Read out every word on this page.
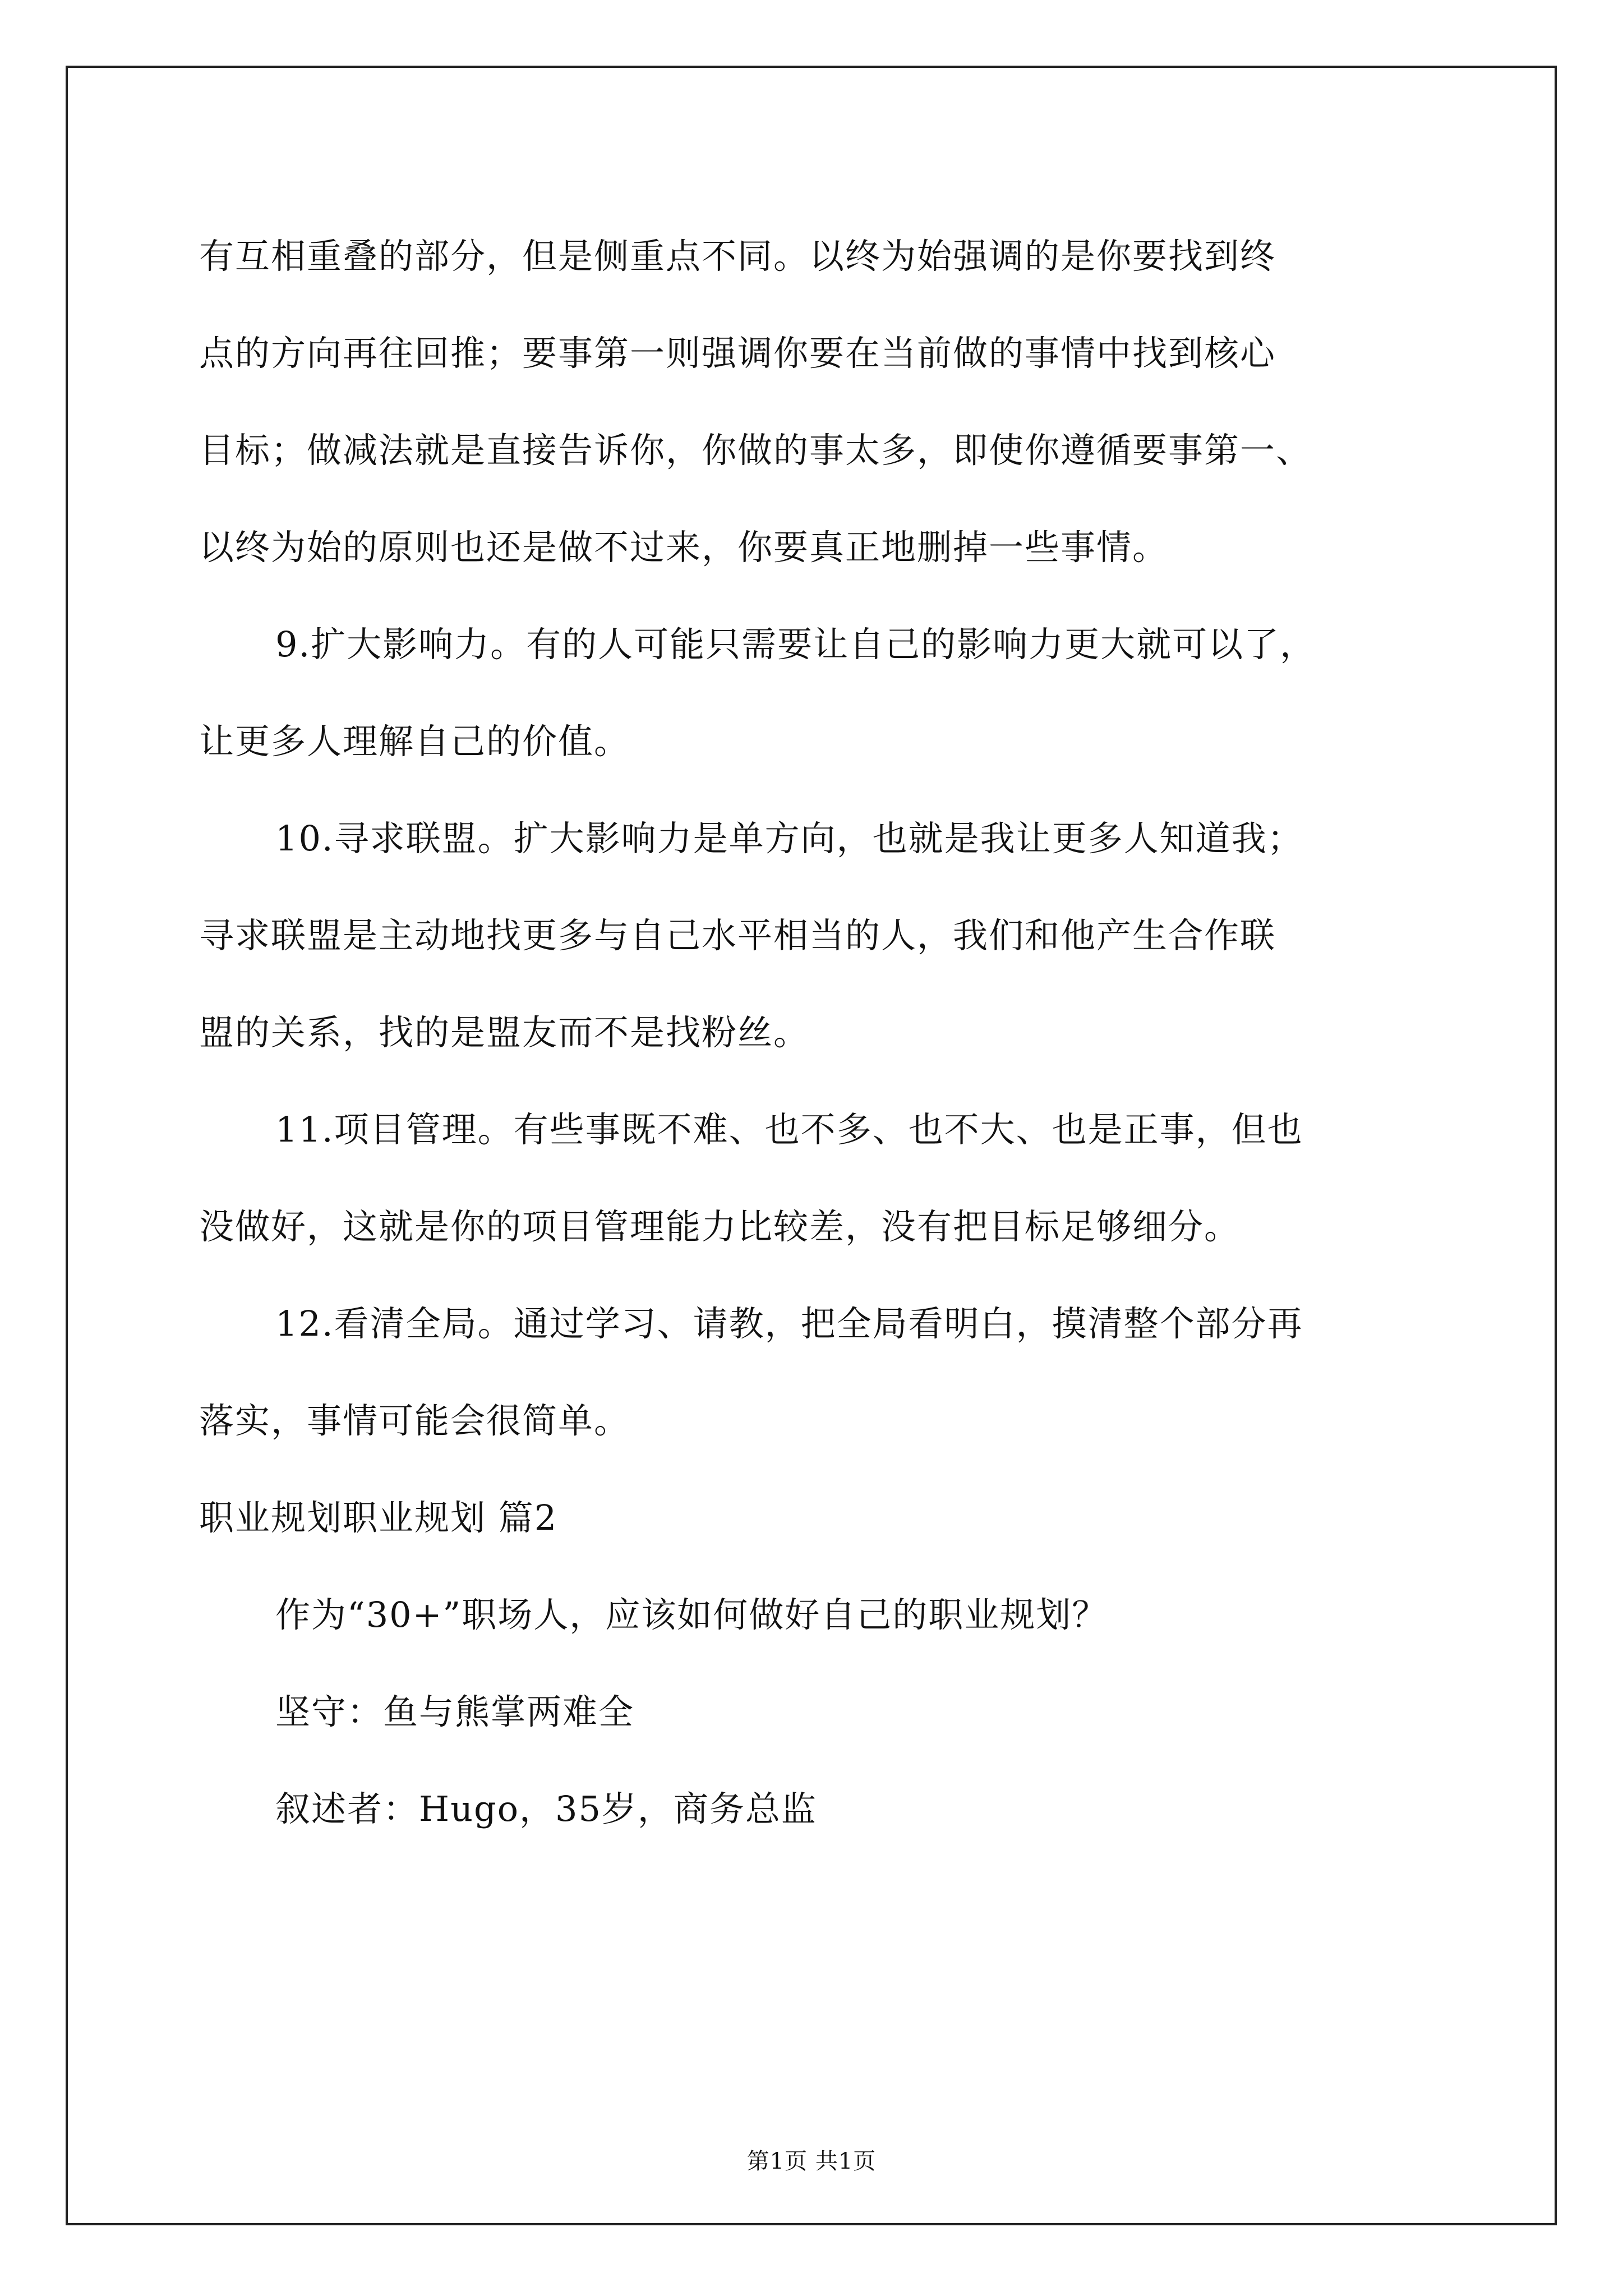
有互相重叠的部分，但是侧重点不同。以终为始强调的是你要找到终
点的方向再往回推；要事第一则强调你要在当前做的事情中找到核心
目标；做减法就是直接告诉你，你做的事太多，即使你遵循要事第一、
以终为始的原则也还是做不过来，你要真正地删掉一些事情。
9.扩大影响力。有的人可能只需要让自己的影响力更大就可以了，
让更多人理解自己的价值。
10.寻求联盟。扩大影响力是单方向，也就是我让更多人知道我；
寻求联盟是主动地找更多与自己水平相当的人，我们和他产生合作联
盟的关系，找的是盟友而不是找粉丝。
11.项目管理。有些事既不难、也不多、也不大、也是正事，但也
没做好，这就是你的项目管理能力比较差，没有把目标足够细分。
12.看清全局。通过学习、请教，把全局看明白，摸清整个部分再
落实，事情可能会很简单。
职业规划职业规划 篇2
作为“30+”职场人，应该如何做好自己的职业规划？
坚守：鱼与熊掌两难全
叙述者：Hugo，35岁，商务总监
第1页 共1页
